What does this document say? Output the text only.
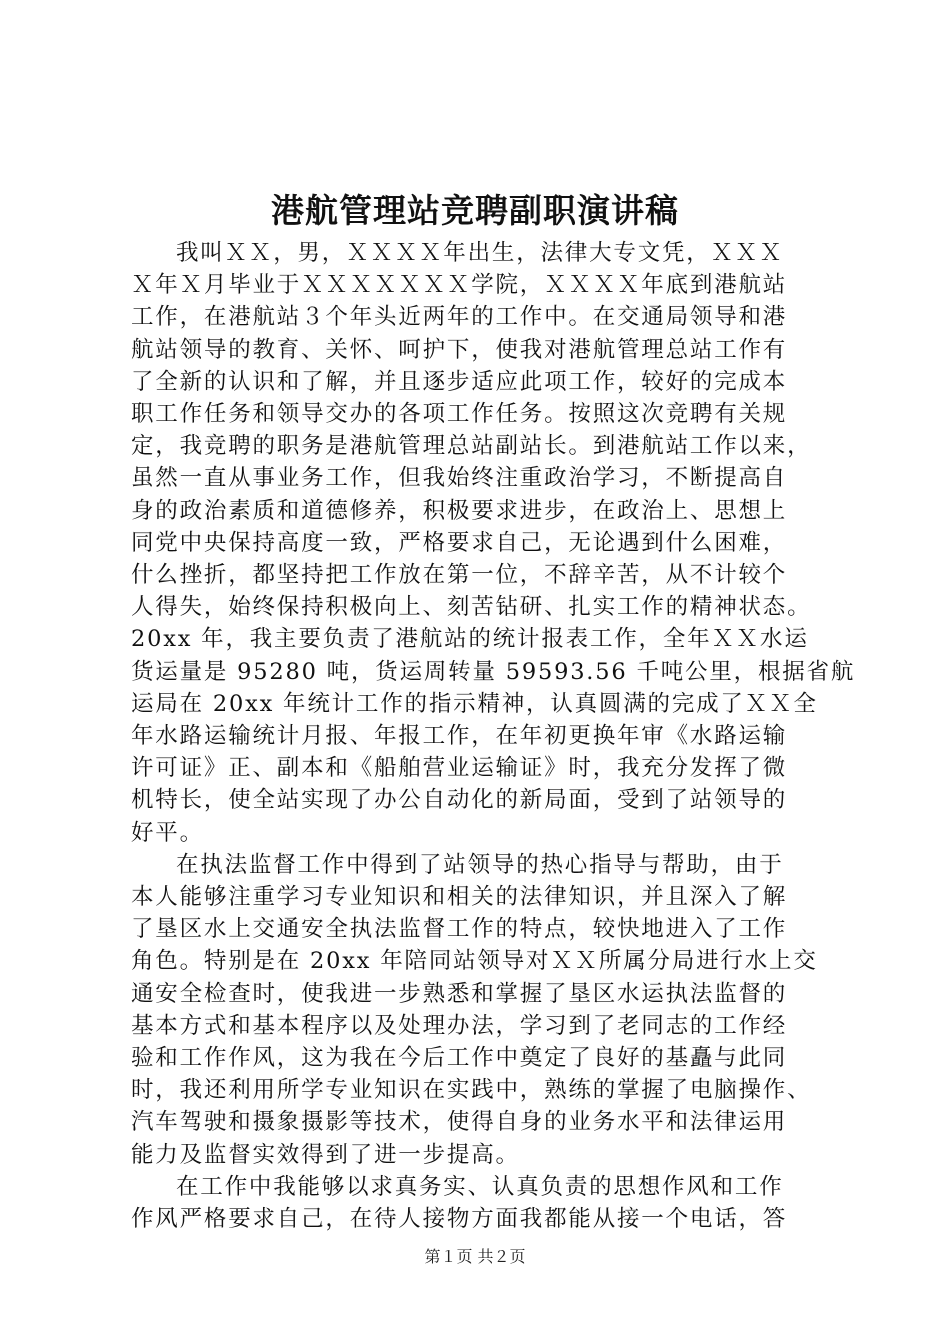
港航管理站竞聘副职演讲稿
我叫ＸＸ，男，ＸＸＸＸ年出生，法律大专文凭，ＸＸＸ
Ｘ年Ｘ月毕业于ＸＸＸＸＸＸＸ学院，ＸＸＸＸ年底到港航站
工作，在港航站３个年头近两年的工作中。在交通局领导和港
航站领导的教育、关怀、呵护下，使我对港航管理总站工作有
了全新的认识和了解，并且逐步适应此项工作，较好的完成本
职工作任务和领导交办的各项工作任务。按照这次竞聘有关规
定，我竞聘的职务是港航管理总站副站长。到港航站工作以来，
虽然一直从事业务工作，但我始终注重政治学习，不断提高自
身的政治素质和道德修养，积极要求进步，在政治上、思想上
同党中央保持高度一致，严格要求自己，无论遇到什么困难，
什么挫折，都坚持把工作放在第一位，不辞辛苦，从不计较个
人得失，始终保持积极向上、刻苦钻研、扎实工作的精神状态。
20xx 年，我主要负责了港航站的统计报表工作，全年ＸＸ水运
货运量是 95280 吨，货运周转量 59593.56 千吨公里，根据省航
运局在 20xx 年统计工作的指示精神，认真圆满的完成了ＸＸ全
年水路运输统计月报、年报工作，在年初更换年审《水路运输
许可证》正、副本和《船舶营业运输证》时，我充分发挥了微
机特长，使全站实现了办公自动化的新局面，受到了站领导的
好平。
在执法监督工作中得到了站领导的热心指导与帮助，由于
本人能够注重学习专业知识和相关的法律知识，并且深入了解
了垦区水上交通安全执法监督工作的特点，较快地进入了工作
角色。特别是在 20xx 年陪同站领导对ＸＸ所属分局进行水上交
通安全检查时，使我进一步熟悉和掌握了垦区水运执法监督的
基本方式和基本程序以及处理办法，学习到了老同志的工作经
验和工作作风，这为我在今后工作中奠定了良好的基矗与此同
时，我还利用所学专业知识在实践中，熟练的掌握了电脑操作、
汽车驾驶和摄象摄影等技术，使得自身的业务水平和法律运用
能力及监督实效得到了进一步提高。
在工作中我能够以求真务实、认真负责的思想作风和工作
作风严格要求自己，在待人接物方面我都能从接一个电话，答
第１页 共２页
